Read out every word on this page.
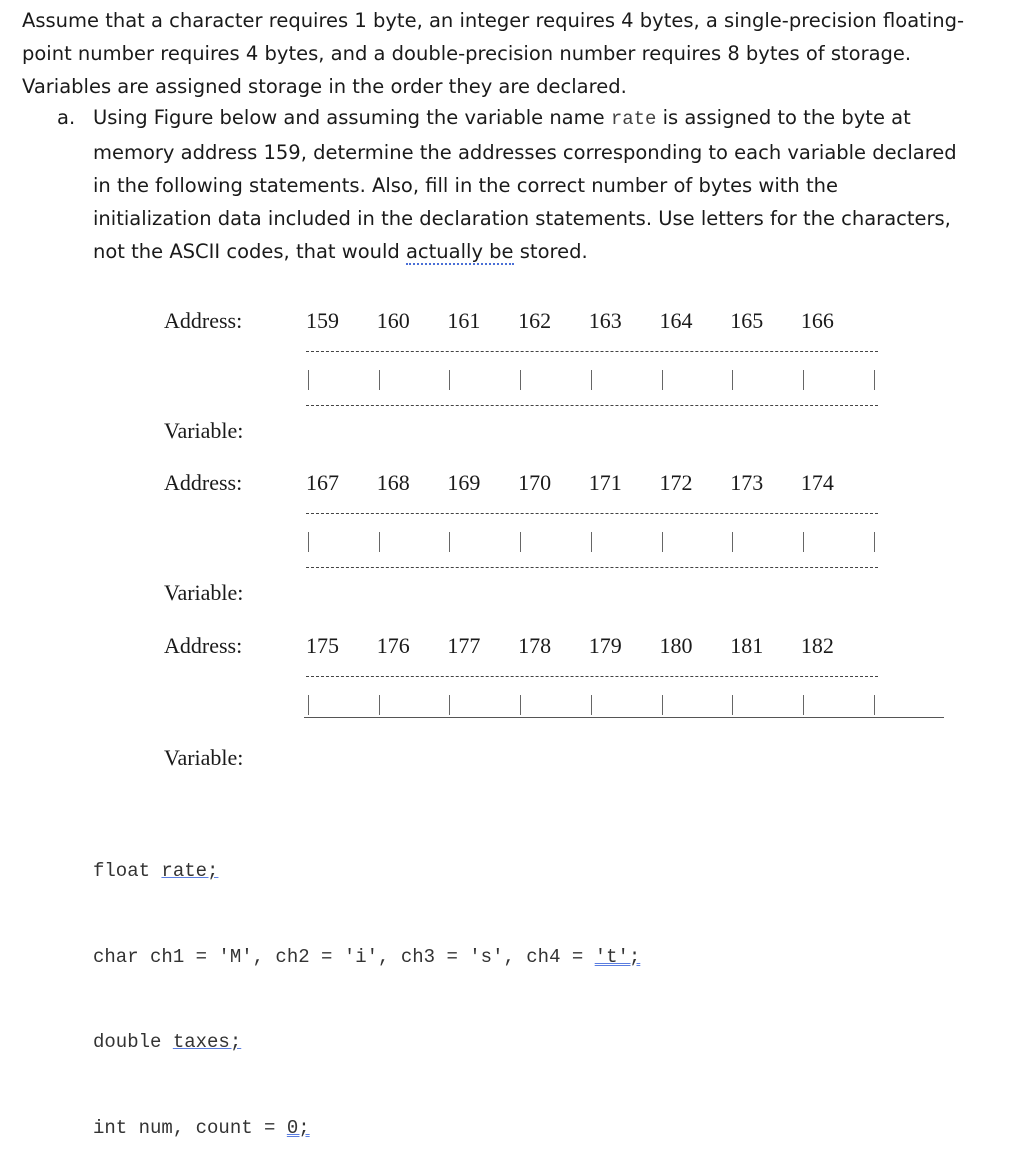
Assume that a character requires 1 byte, an integer requires 4 bytes, a single-precision floating-
point number requires 4 bytes, and a double-precision number requires 8 bytes of storage.
Variables are assigned storage in the order they are declared.
a. Using Figure below and assuming the variable name rate is assigned to the byte at
memory address 159, determine the addresses corresponding to each variable declared
in the following statements. Also, fill in the correct number of bytes with the
initialization data included in the declaration statements. Use letters for the characters,
not the ASCII codes, that would actually be stored.
Address:	159 160 161 162 163 164 165 166
Variable:
Address:	167 168 169 170 171 172 173 174
Variable:
Address:	175 176 177 178 179 180 181 182
Variable:

float rate;

char ch1 = 'M', ch2 = 'i', ch3 = 's', ch4 = 't';

double taxes;

int num, count = 0;
